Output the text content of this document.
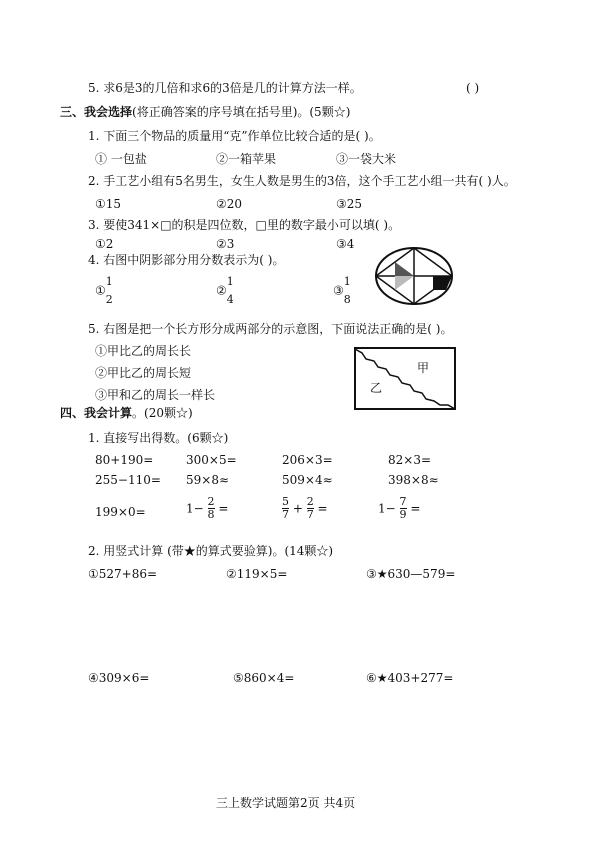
5. 求6是3的几倍和求6的3倍是几的计算方法一样。	( )
三、我会选择(将正确答案的序号填在括号里)。(5颗☆)
1. 下面三个物品的质量用“克”作单位比较合适的是( )。
① 一包盐	②一箱苹果	③一袋大米
2. 手工艺小组有5名男生，女生人数是男生的3倍，这个手工艺小组一共有( )人。
①15	②20	③25
3. 要使341×□的积是四位数，□里的数字最小可以填( )。
①2	②3	③4
4. 右图中阴影部分用分数表示为( )。
①
1
2
②
1
4
③
1
8
5. 右图是把一个长方形分成两部分的示意图，下面说法正确的是( )。
①甲比乙的周长长
②甲比乙的周长短
③甲和乙的周长一样长
甲
乙
四、我会计算。(20颗☆)
1. 直接写出得数。(6颗☆)
80+190=	300×5=	206×3=	82×3=
255−110= 59×8≈	509×4≈	398×8≈
199×0=	$1- \frac{2}{8}$ =	$\frac{5}{7} + \frac{2}{7}$ =	$1- \frac{7}{9}$ =
2. 用竖式计算 (带★的算式要验算)。(14颗☆)
①527+86=	②119×5=	③★630—579=
④309×6=	⑤860×4=	⑥★403+277=
三上数学试题第2页 共4页
